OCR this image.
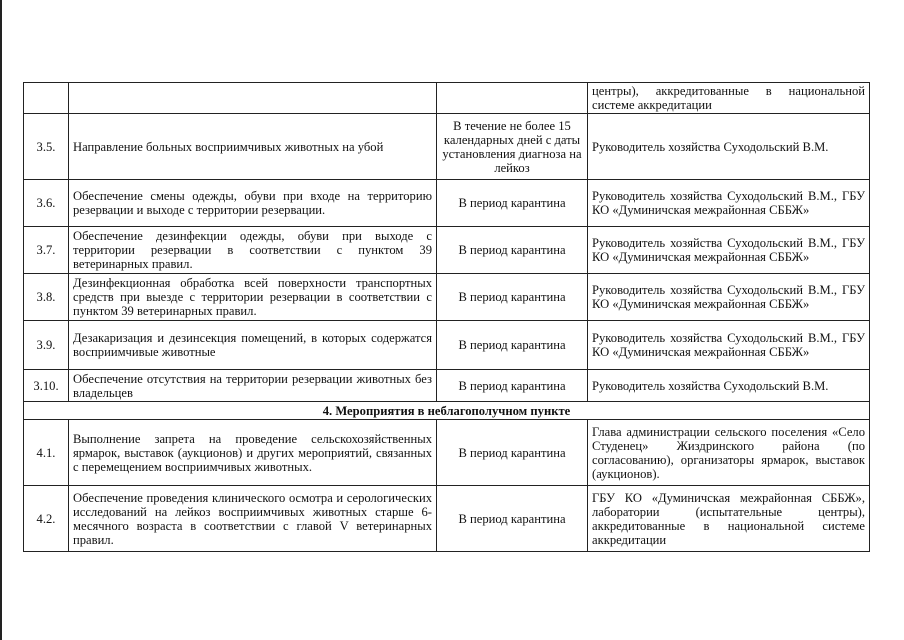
			центры), аккредитованные в национальной системе аккредитации
3.5.	Направление больных восприимчивых животных на убой	В течение не более 15 календарных дней с даты установления диагноза на лейкоз	Руководитель хозяйства Суходольский В.М.
3.6.	Обеспечение смены одежды, обуви при входе на территорию резервации и выходе с территории резервации.	В период карантина	Руководитель хозяйства Суходольский В.М., ГБУ КО «Думиничская межрайонная СББЖ»
3.7.	Обеспечение дезинфекции одежды, обуви при выходе с территории резервации в соответствии с пунктом 39 ветеринарных правил.	В период карантина	Руководитель хозяйства Суходольский В.М., ГБУ КО «Думиничская межрайонная СББЖ»
3.8.	Дезинфекционная обработка всей поверхности транспортных средств при выезде с территории резервации в соответствии с пунктом 39 ветеринарных правил.	В период карантина	Руководитель хозяйства Суходольский В.М., ГБУ КО «Думиничская межрайонная СББЖ»
3.9.	Дезакаризация и дезинсекция помещений, в которых содержатся восприимчивые животные	В период карантина	Руководитель хозяйства Суходольский В.М., ГБУ КО «Думиничская межрайонная СББЖ»
3.10.	Обеспечение отсутствия на территории резервации животных без владельцев	В период карантина	Руководитель хозяйства Суходольский В.М.
4. Мероприятия в неблагополучном пункте			
4.1.	Выполнение запрета на проведение сельскохозяйственных ярмарок, выставок (аукционов) и других мероприятий, связанных с перемещением восприимчивых животных.	В период карантина	Глава администрации сельского поселения «Село Студенец» Жиздринского района (по согласованию), организаторы ярмарок, выставок (аукционов).
4.2.	Обеспечение проведения клинического осмотра и серологических исследований на лейкоз восприимчивых животных старше 6-месячного возраста в соответствии с главой V ветеринарных правил.	В период карантина	ГБУ КО «Думиничская межрайонная СББЖ», лаборатории (испытательные центры), аккредитованные в национальной системе аккредитации
